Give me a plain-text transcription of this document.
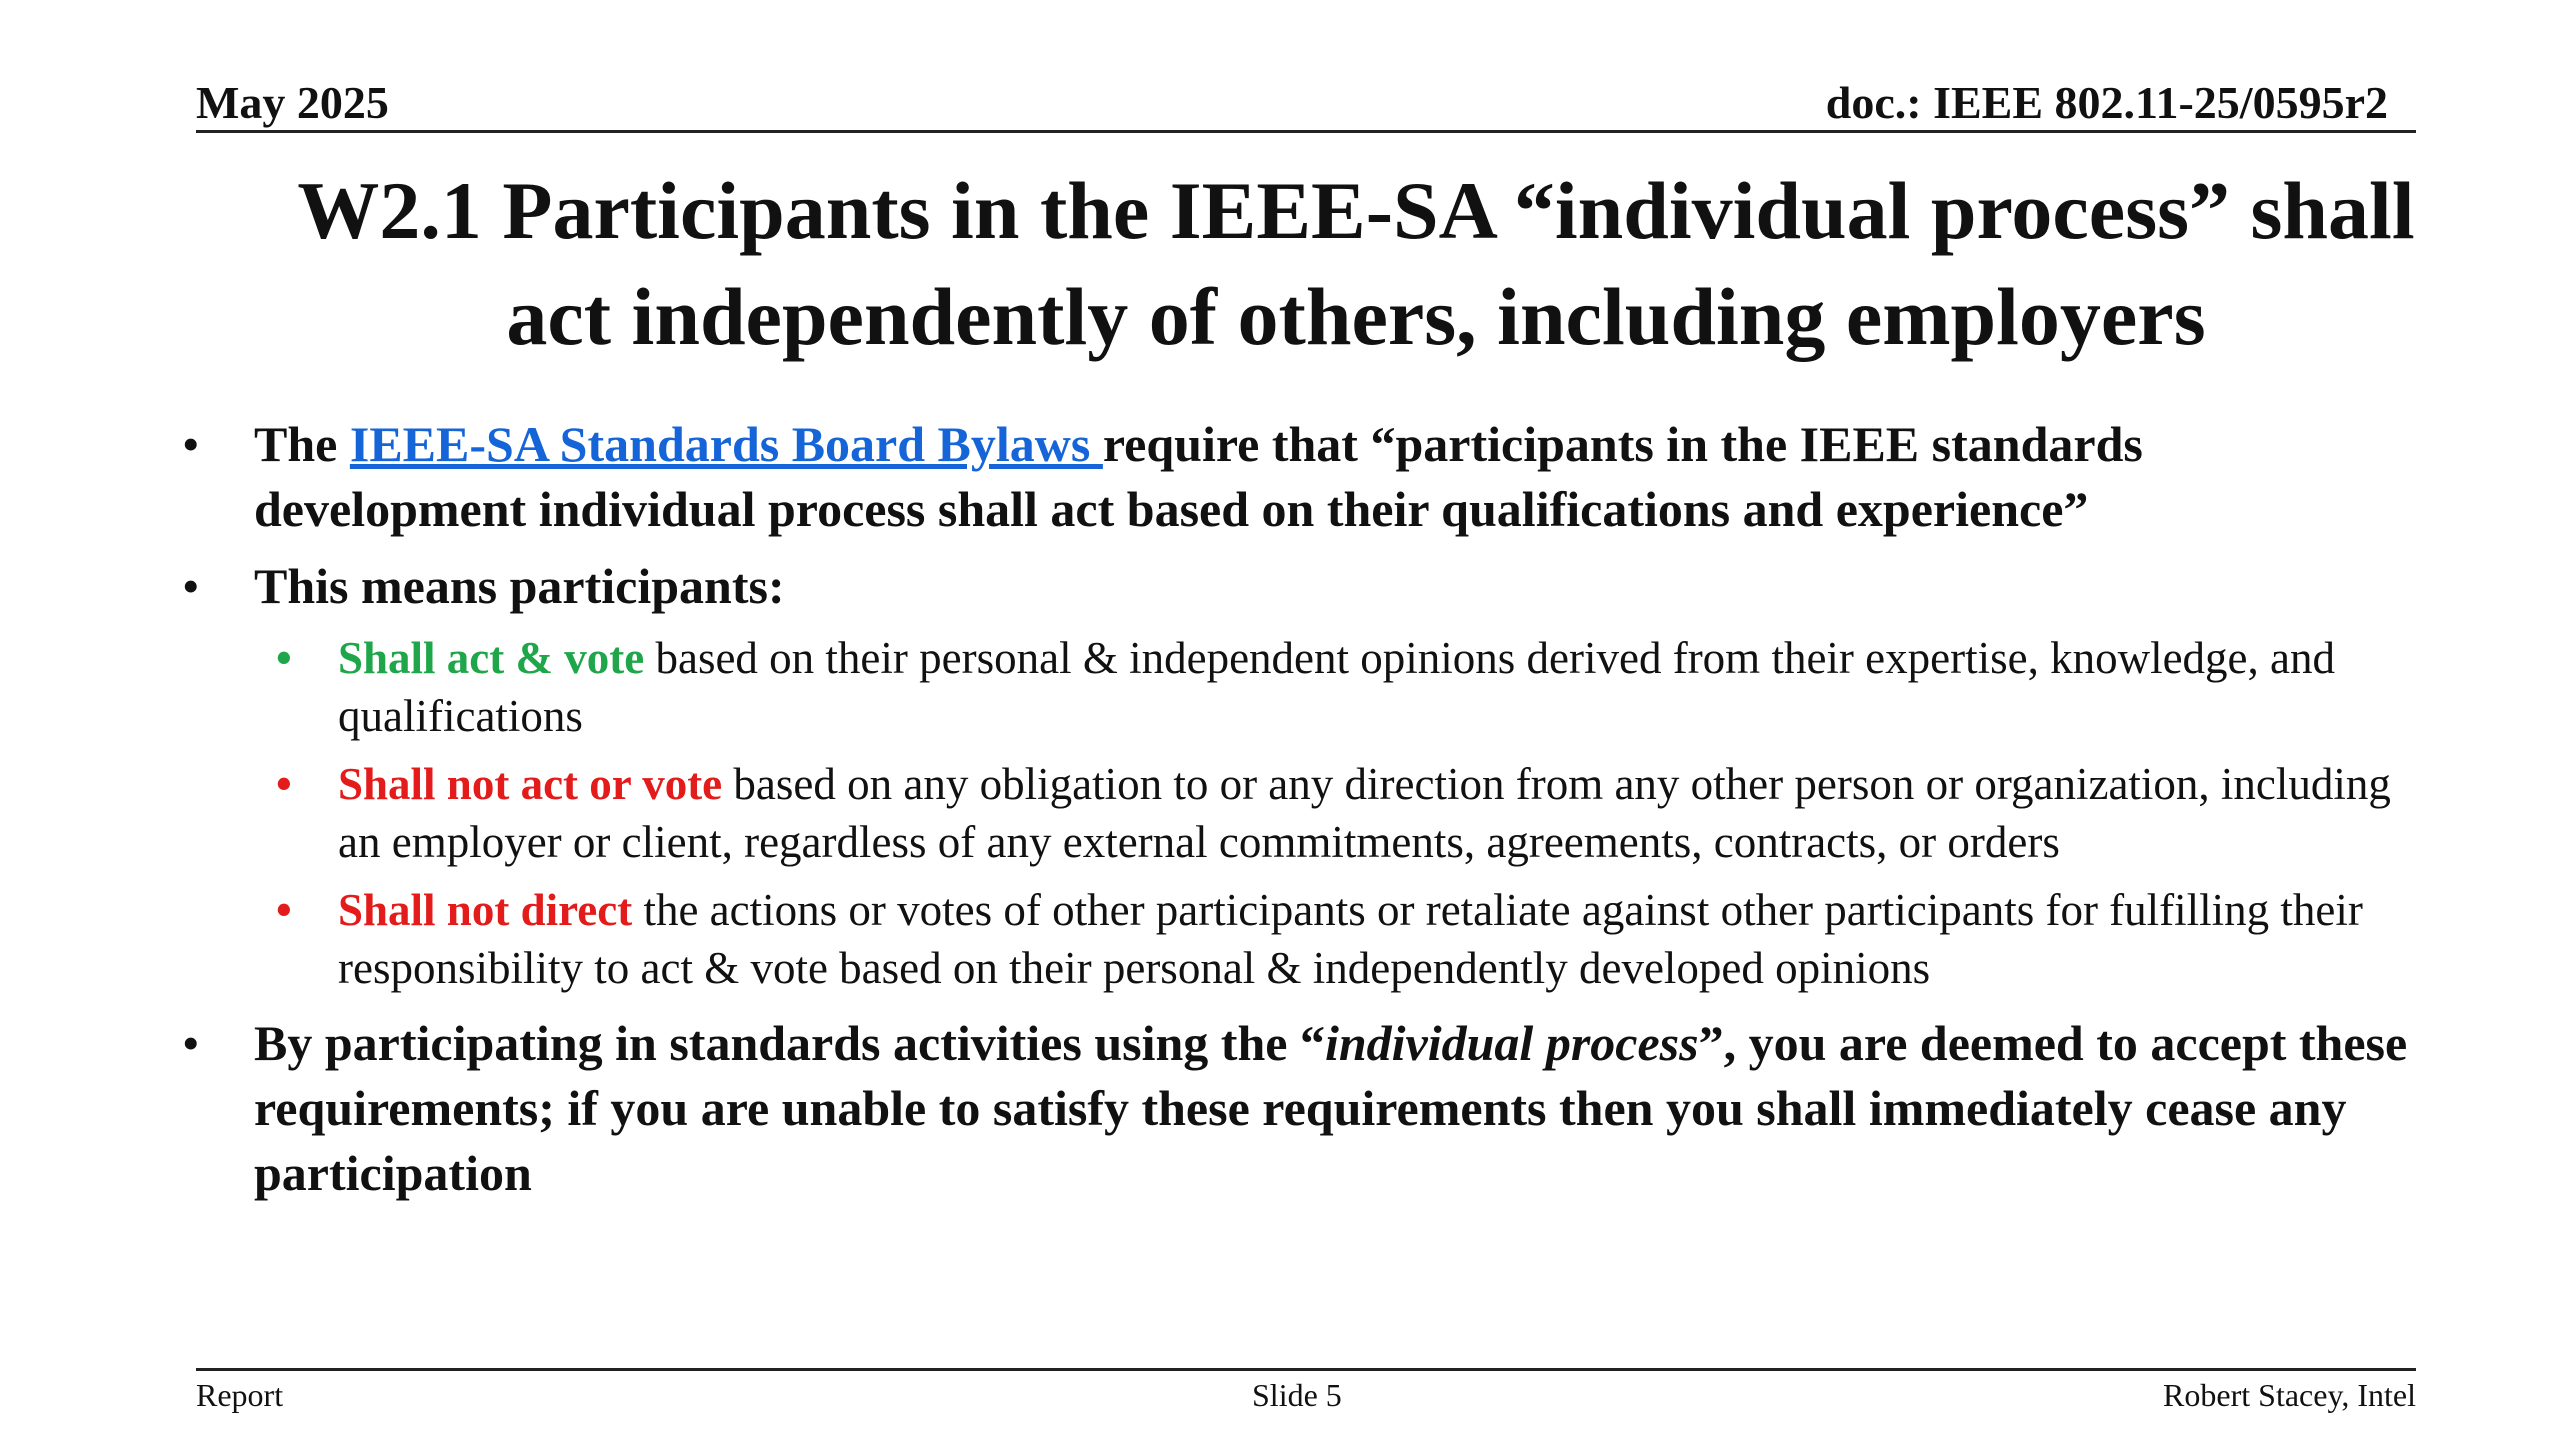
May 2025	doc.: IEEE 802.11-25/0595r2
W2.1 Participants in the IEEE-SA “individual process” shall
act independently of others, including employers
• The IEEE-SA Standards Board Bylaws require that “participants in the IEEE standards development individual process shall act based on their qualifications and experience”
• This means participants:
• Shall act & vote based on their personal & independent opinions derived from their expertise, knowledge, and qualifications
• Shall not act or vote based on any obligation to or any direction from any other person or organization, including an employer or client, regardless of any external commitments, agreements, contracts, or orders
• Shall not direct the actions or votes of other participants or retaliate against other participants for fulfilling their responsibility to act & vote based on their personal & independently developed opinions
• By participating in standards activities using the “individual process”, you are deemed to accept these requirements; if you are unable to satisfy these requirements then you shall immediately cease any participation
Report	Slide 5	Robert Stacey, Intel
